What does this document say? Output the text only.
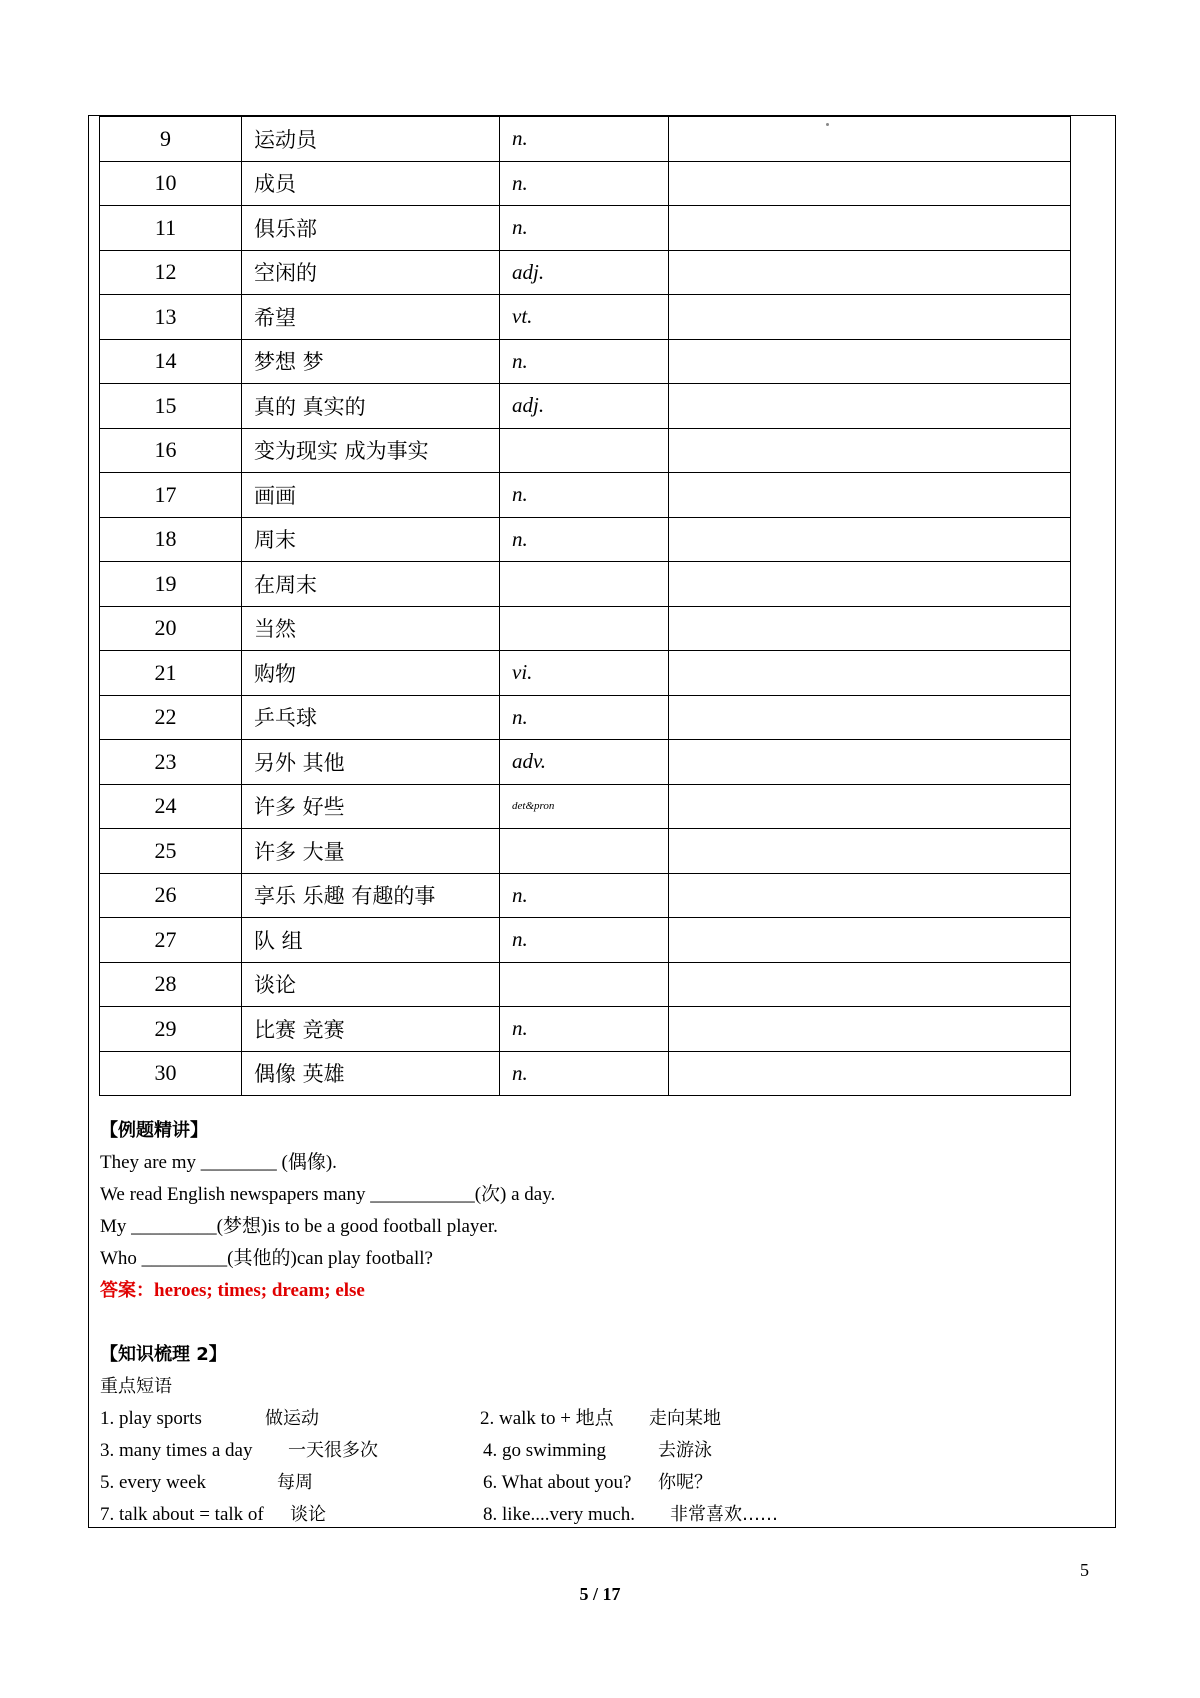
9	运动员	n.	
10	成员	n.	
11	俱乐部	n.	
12	空闲的	adj.	
13	希望	vt.	
14	梦想 梦	n.	
15	真的 真实的	adj.	
16	变为现实 成为事实		
17	画画	n.	
18	周末	n.	
19	在周末		
20	当然		
21	购物	vi.	
22	乒乓球	n.	
23	另外 其他	adv.	
24	许多 好些	det&pron	
25	许多 大量		
26	享乐 乐趣 有趣的事	n.	
27	队 组	n.	
28	谈论		
29	比赛 竞赛	n.	
30	偶像 英雄	n.	
【例题精讲】
They are my ________ (偶像).
We read English newspapers many ___________(次) a day.
My _________(梦想)is to be a good football player.
Who _________(其他的)can play football?
答案：heroes; times; dream; else
【知识梳理 2】
重点短语
1. play sports	做运动	2. walk to + 地点 走向某地
3. many times a day 一天很多次	4. go swimming	去游泳
5. every week	每周	6. What about you? 你呢？
7. talk about = talk of 谈论	8. like....very much. 非常喜欢……
5
5 / 17
